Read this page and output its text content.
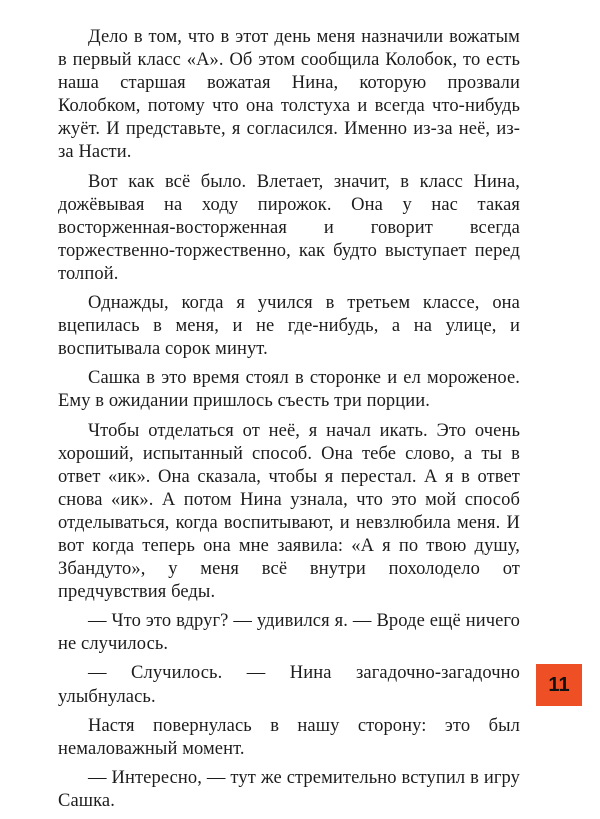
Дело в том, что в этот день меня назначили вожатым в первый класс «А». Об этом сообщила Колобок, то есть наша старшая вожатая Нина, которую прозвали Колобком, потому что она толстуха и всегда что-нибудь жуёт. И представьте, я согласился. Именно из-за неё, из-за Насти.

Вот как всё было. Влетает, значит, в класс Нина, дожёвывая на ходу пирожок. Она у нас такая восторженная-восторженная и говорит всегда торжественно-торжественно, как будто выступает перед толпой.

Однажды, когда я учился в третьем классе, она вцепилась в меня, и не где-нибудь, а на улице, и воспитывала сорок минут.

Сашка в это время стоял в сторонке и ел мороженое. Ему в ожидании пришлось съесть три порции.

Чтобы отделаться от неё, я начал икать. Это очень хороший, испытанный способ. Она тебе слово, а ты в ответ «ик». Она сказала, чтобы я перестал. А я в ответ снова «ик». А потом Нина узнала, что это мой способ отделываться, когда воспитывают, и невзлюбила меня. И вот когда теперь она мне заявила: «А я по твою душу, Збандуто», у меня всё внутри похолодело от предчувствия беды.

— Что это вдруг? — удивился я. — Вроде ещё ничего не случилось.

— Случилось. — Нина загадочно-загадочно улыбнулась.

Настя повернулась в нашу сторону: это был немаловажный момент.

— Интересно, — тут же стремительно вступил в игру Сашка.

11
